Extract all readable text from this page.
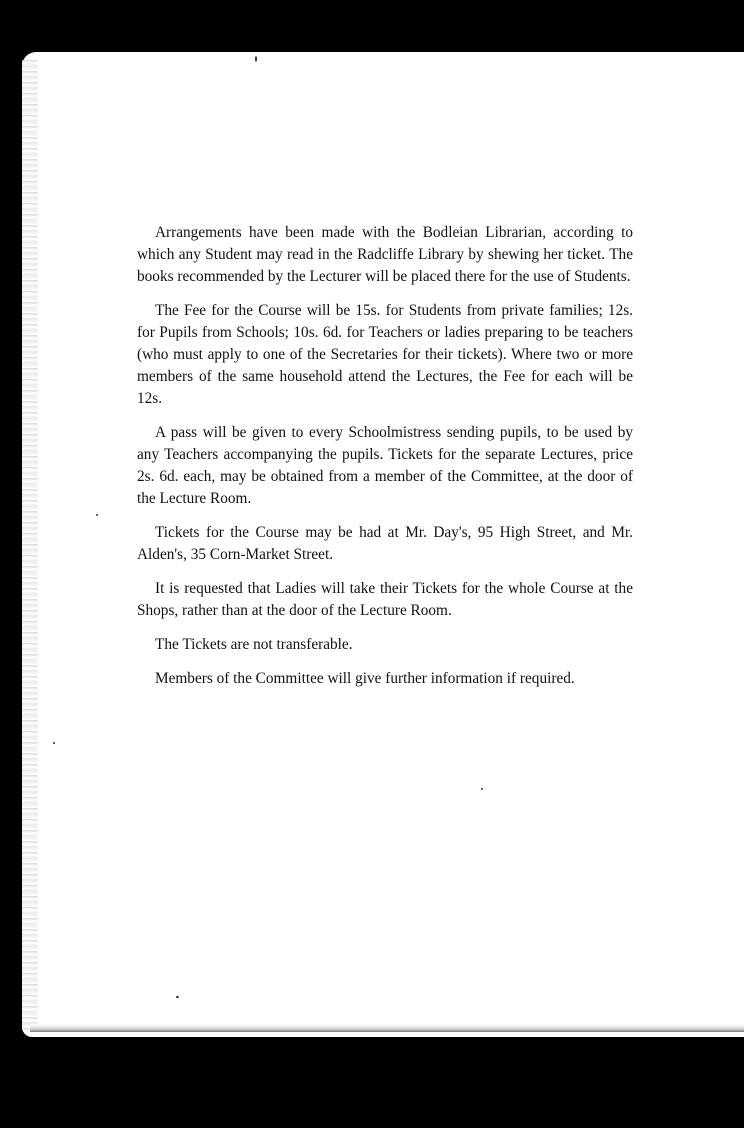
Arrangements have been made with the Bodleian Librarian, according to which any Student may read in the Radcliffe Library by shewing her ticket. The books recommended by the Lecturer will be placed there for the use of Students.

The Fee for the Course will be 15s. for Students from private families; 12s. for Pupils from Schools; 10s. 6d. for Teachers or ladies preparing to be teachers (who must apply to one of the Secretaries for their tickets). Where two or more members of the same household attend the Lectures, the Fee for each will be 12s.

A pass will be given to every Schoolmistress sending pupils, to be used by any Teachers accompanying the pupils. Tickets for the separate Lectures, price 2s. 6d. each, may be obtained from a member of the Committee, at the door of the Lecture Room.

Tickets for the Course may be had at Mr. Day's, 95 High Street, and Mr. Alden's, 35 Corn-Market Street.

It is requested that Ladies will take their Tickets for the whole Course at the Shops, rather than at the door of the Lecture Room.

The Tickets are not transferable.

Members of the Committee will give further information if required.
